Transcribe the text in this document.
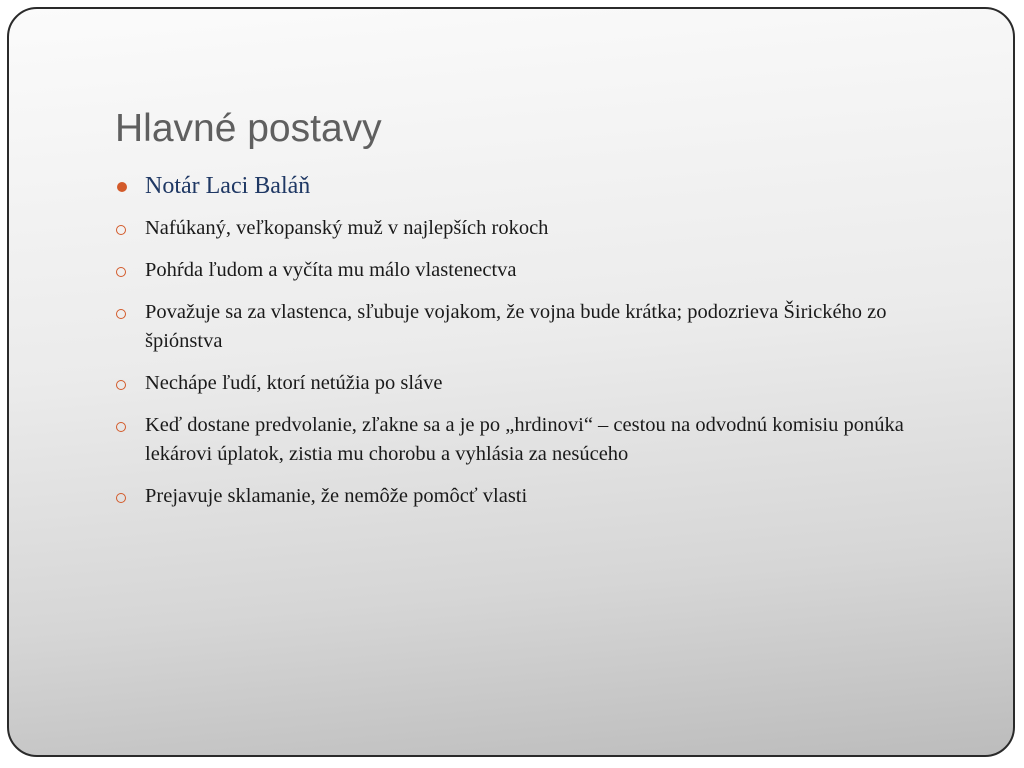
Hlavné postavy
Notár Laci Baláň
Nafúkaný, veľkopanský muž v najlepších rokoch
Pohŕda ľudom a vyčíta mu málo vlastenectva
Považuje sa za vlastenca, sľubuje vojakom, že vojna bude krátka; podozrieva Širického zo špiónstva
Nechápe ľudí, ktorí netúžia po sláve
Keď dostane predvolanie, zľakne sa a je po „hrdinovi“ – cestou na odvodnú komisiu ponúka lekárovi úplatok, zistia mu chorobu a vyhlásia za nesúceho
Prejavuje sklamanie, že nemôže pomôcť vlasti
